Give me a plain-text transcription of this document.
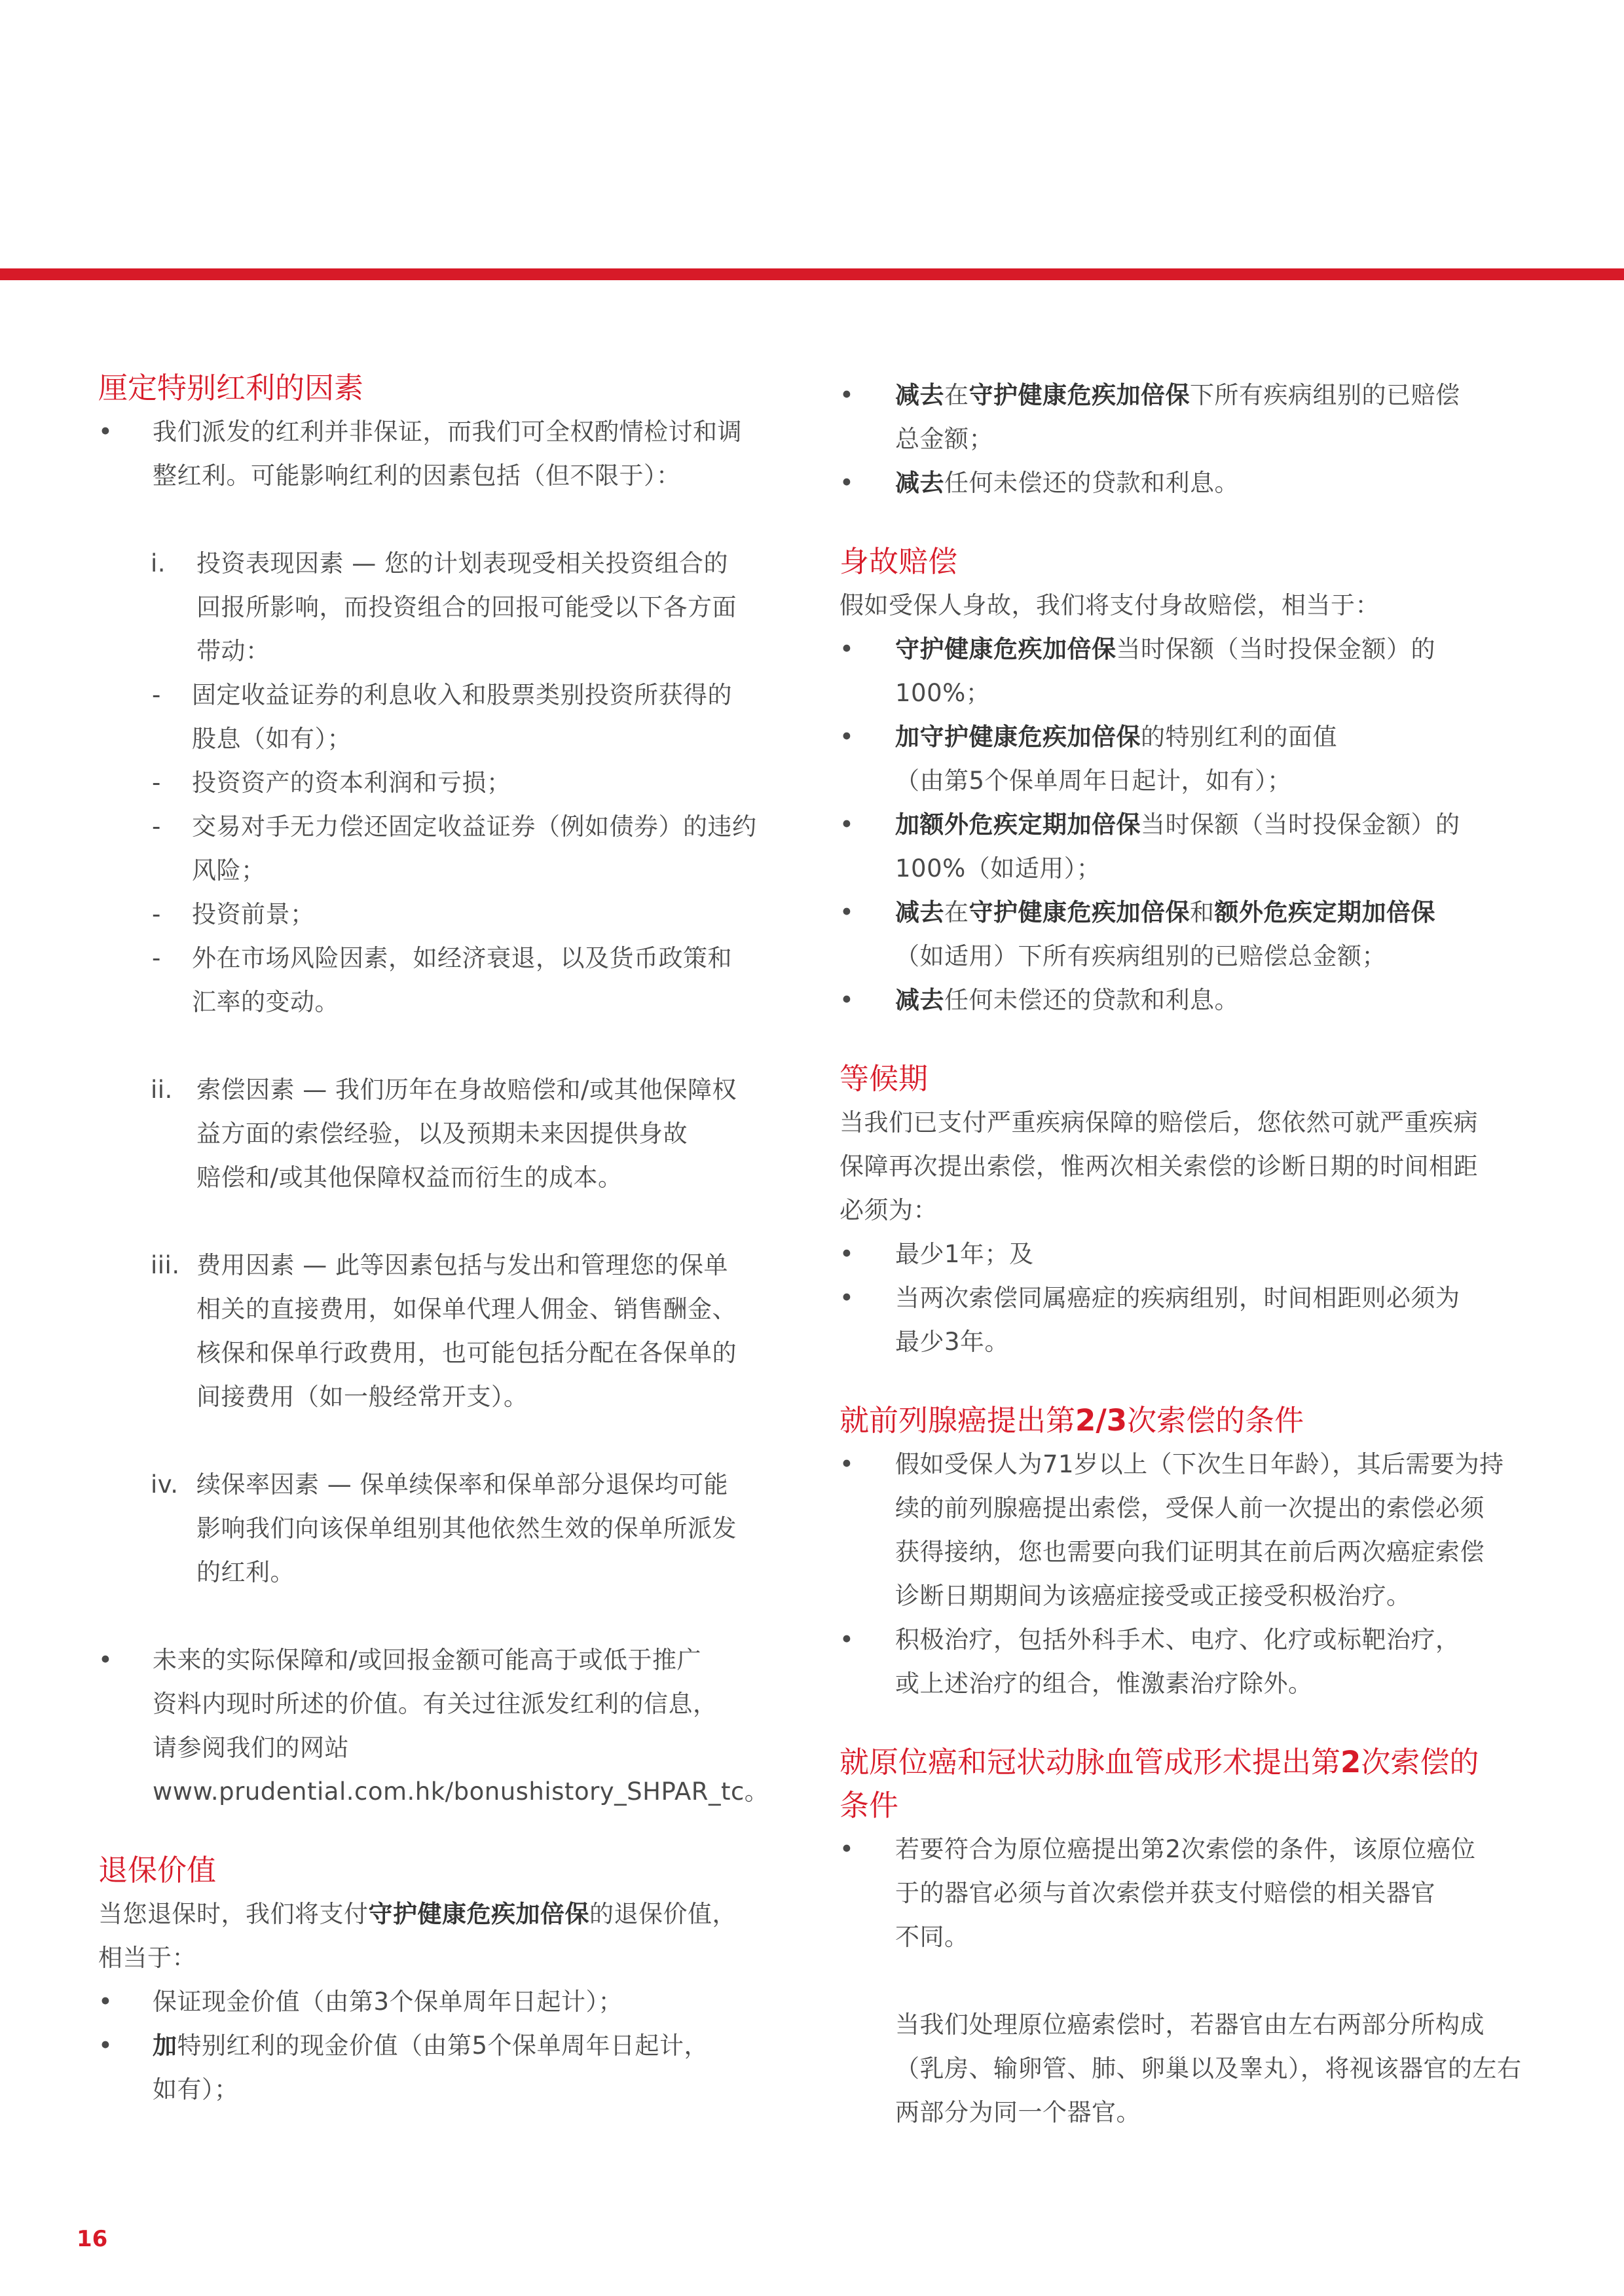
厘定特别红利的因素
• 我们派发的红利并非保证，而我们可全权酌情检讨和调
整红利。可能影响红利的因素包括（但不限于）：
i. 投资表现因素 — 您的计划表现受相关投资组合的
回报所影响，而投资组合的回报可能受以下各方面
带动：
- 固定收益证券的利息收入和股票类别投资所获得的
股息（如有）；
- 投资资产的资本利润和亏损；
- 交易对手无力偿还固定收益证券（例如债券）的违约
风险；
- 投资前景；
- 外在市场风险因素，如经济衰退，以及货币政策和
汇率的变动。
ii. 索偿因素 — 我们历年在身故赔偿和/或其他保障权
益方面的索偿经验，以及预期未来因提供身故
赔偿和/或其他保障权益而衍生的成本。
iii. 费用因素 — 此等因素包括与发出和管理您的保单
相关的直接费用，如保单代理人佣金、销售酬金、
核保和保单行政费用，也可能包括分配在各保单的
间接费用（如一般经常开支）。
iv. 续保率因素 — 保单续保率和保单部分退保均可能
影响我们向该保单组别其他依然生效的保单所派发
的红利。
• 未来的实际保障和/或回报金额可能高于或低于推广
资料内现时所述的价值。有关过往派发红利的信息，
请参阅我们的网站
www.prudential.com.hk/bonushistory_SHPAR_tc。
退保价值
当您退保时，我们将支付守护健康危疾加倍保的退保价值，
相当于：
• 保证现金价值（由第3个保单周年日起计）；
• 加特别红利的现金价值（由第5个保单周年日起计，
如有）；
• 减去在守护健康危疾加倍保下所有疾病组别的已赔偿
总金额；
• 减去任何未偿还的贷款和利息。
身故赔偿
假如受保人身故，我们将支付身故赔偿，相当于：
• 守护健康危疾加倍保当时保额（当时投保金额）的
100%；
• 加守护健康危疾加倍保的特别红利的面值
（由第5个保单周年日起计，如有）；
• 加额外危疾定期加倍保当时保额（当时投保金额）的
100%（如适用）；
• 减去在守护健康危疾加倍保和额外危疾定期加倍保
（如适用）下所有疾病组别的已赔偿总金额；
• 减去任何未偿还的贷款和利息。
等候期
当我们已支付严重疾病保障的赔偿后，您依然可就严重疾病
保障再次提出索偿，惟两次相关索偿的诊断日期的时间相距
必须为：
• 最少1年；及
• 当两次索偿同属癌症的疾病组别，时间相距则必须为
最少3年。
就前列腺癌提出第2/3次索偿的条件
• 假如受保人为71岁以上（下次生日年龄），其后需要为持
续的前列腺癌提出索偿，受保人前一次提出的索偿必须
获得接纳，您也需要向我们证明其在前后两次癌症索偿
诊断日期期间为该癌症接受或正接受积极治疗。
• 积极治疗，包括外科手术、电疗、化疗或标靶治疗，
或上述治疗的组合，惟激素治疗除外。
就原位癌和冠状动脉血管成形术提出第2次索偿的
条件
• 若要符合为原位癌提出第2次索偿的条件，该原位癌位
于的器官必须与首次索偿并获支付赔偿的相关器官
不同。
当我们处理原位癌索偿时，若器官由左右两部分所构成
（乳房、输卵管、肺、卵巢以及睾丸），将视该器官的左右
两部分为同一个器官。
16
